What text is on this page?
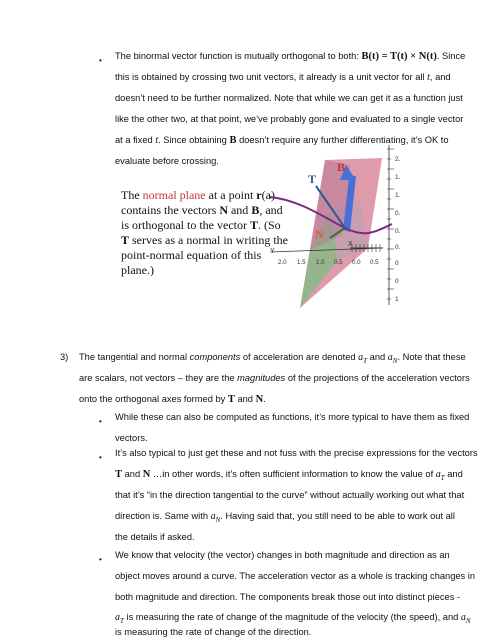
• The binormal vector function is mutually orthogonal to both: B(t) = T(t) × N(t). Since
this is obtained by crossing two unit vectors, it already is a unit vector for all t, and
doesn’t need to be further normalized. Note that while we can get it as a function just
like the other two, at that point, we’ve probably gone and evaluated to a single vector
at a fixed t. Since obtaining B doesn’t require any further differentiating, it’s OK to
evaluate before crossing.
The normal plane at a point r(a)
contains the vectors N and B, and
is orthogonal to the vector T. (So
T serves as a normal in writing the
point-normal equation of this
plane.)
T
B
N
Y
X
2.0 1.5 1.0 0.5 0.0 0.5
2.
1.
1.
0.
0.
0.
0
0
1
3) The tangential and normal components of acceleration are denoted $a_T$ and $a_N$. Note that these
are scalars, not vectors – they are the magnitudes of the projections of the acceleration vectors
onto the orthogonal axes formed by T and N.
• While these can also be computed as functions, it’s more typical to have them as fixed
vectors.
• It’s also typical to just get these and not fuss with the precise expressions for the vectors
T and N …in other words, it’s often sufficient information to know the value of $a_T$ and
that it’s “in the direction tangential to the curve” without actually working out what that
direction is. Same with $a_N$. Having said that, you still need to be able to work out all
the details if asked.
• We know that velocity (the vector) changes in both magnitude and direction as an
object moves around a curve. The acceleration vector as a whole is tracking changes in
both magnitude and direction. The components break those out into distinct pieces -
$a_T$ is measuring the rate of change of the magnitude of the velocity (the speed), and $a_N$
is measuring the rate of change of the direction.
